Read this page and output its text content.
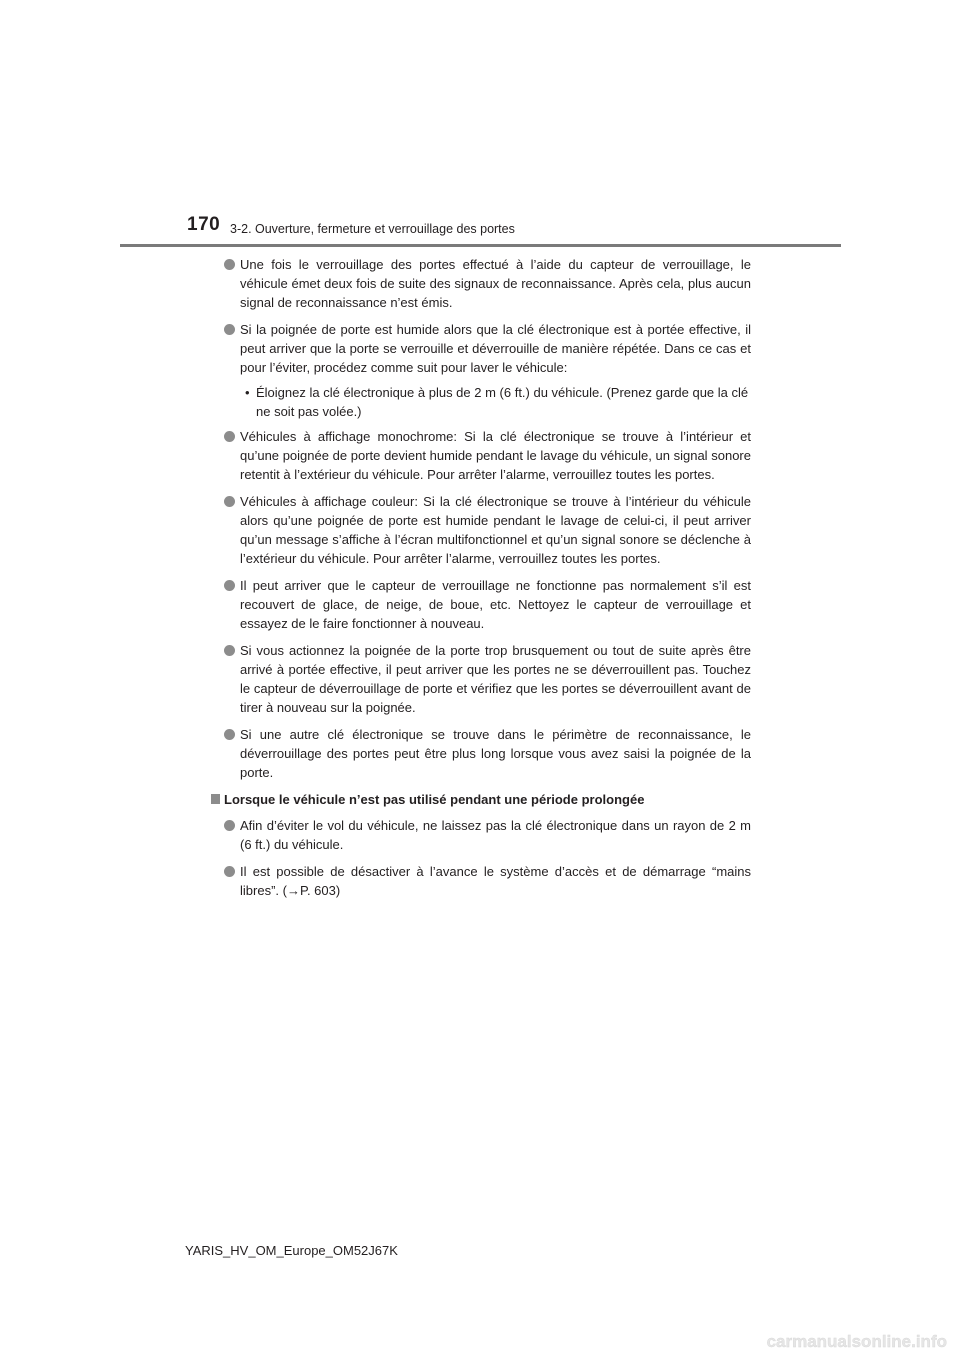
170 3-2. Ouverture, fermeture et verrouillage des portes
Une fois le verrouillage des portes effectué à l’aide du capteur de verrouillage, le véhicule émet deux fois de suite des signaux de reconnaissance. Après cela, plus aucun signal de reconnaissance n’est émis.
Si la poignée de porte est humide alors que la clé électronique est à portée effective, il peut arriver que la porte se verrouille et déverrouille de manière répétée. Dans ce cas et pour l’éviter, procédez comme suit pour laver le véhicule:
• Éloignez la clé électronique à plus de 2 m (6 ft.) du véhicule. (Prenez garde que la clé ne soit pas volée.)
Véhicules à affichage monochrome: Si la clé électronique se trouve à l’intérieur et qu’une poignée de porte devient humide pendant le lavage du véhicule, un signal sonore retentit à l’extérieur du véhicule. Pour arrêter l’alarme, verrouillez toutes les portes.
Véhicules à affichage couleur: Si la clé électronique se trouve à l’intérieur du véhicule alors qu’une poignée de porte est humide pendant le lavage de celui-ci, il peut arriver qu’un message s’affiche à l’écran multifonctionnel et qu’un signal sonore se déclenche à l’extérieur du véhicule. Pour arrêter l’alarme, verrouillez toutes les portes.
Il peut arriver que le capteur de verrouillage ne fonctionne pas normalement s’il est recouvert de glace, de neige, de boue, etc. Nettoyez le capteur de verrouillage et essayez de le faire fonctionner à nouveau.
Si vous actionnez la poignée de la porte trop brusquement ou tout de suite après être arrivé à portée effective, il peut arriver que les portes ne se déverrouillent pas. Touchez le capteur de déverrouillage de porte et vérifiez que les portes se déverrouillent avant de tirer à nouveau sur la poignée.
Si une autre clé électronique se trouve dans le périmètre de reconnaissance, le déverrouillage des portes peut être plus long lorsque vous avez saisi la poignée de la porte.
Lorsque le véhicule n’est pas utilisé pendant une période prolongée
Afin d’éviter le vol du véhicule, ne laissez pas la clé électronique dans un rayon de 2 m (6 ft.) du véhicule.
Il est possible de désactiver à l’avance le système d’accès et de démarrage “mains libres”. (→P. 603)
YARIS_HV_OM_Europe_OM52J67K
carmanualsonline.info
